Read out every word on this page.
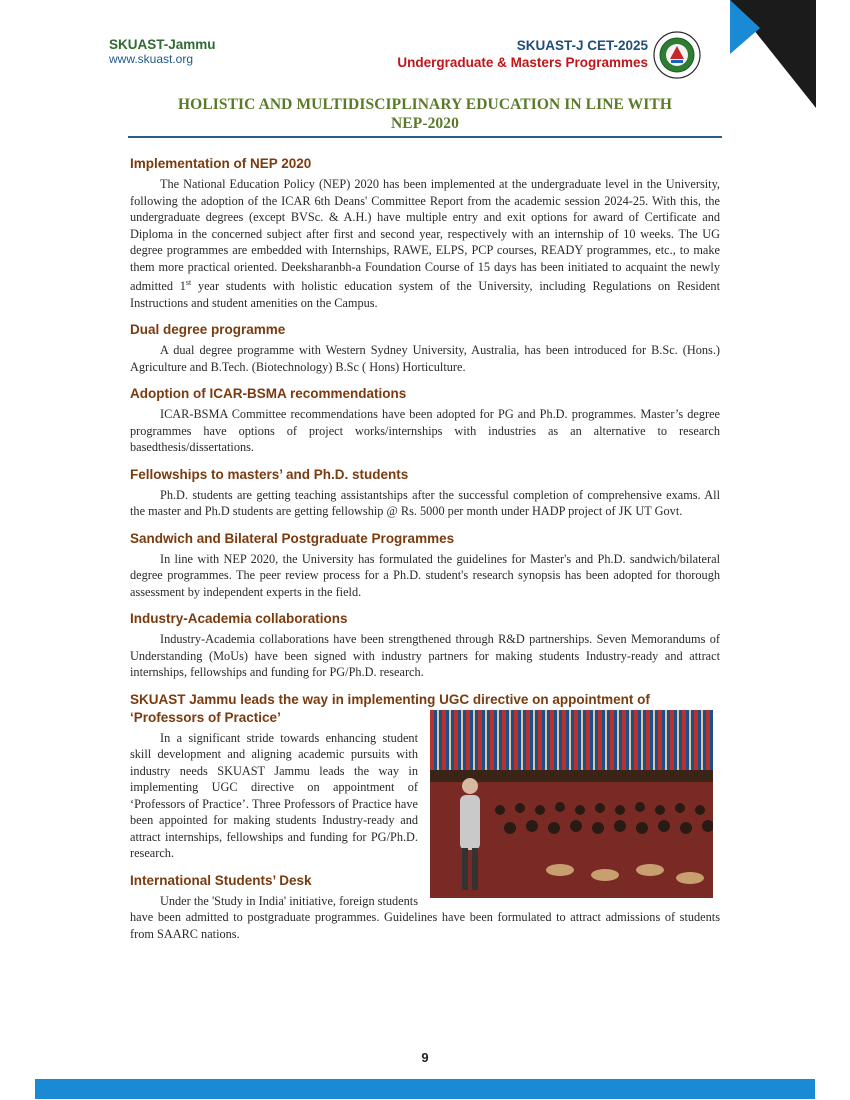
SKUAST-Jammu
www.skuast.org
SKUAST-J CET-2025
Undergraduate & Masters Programmes
HOLISTIC AND MULTIDISCIPLINARY EDUCATION IN LINE WITH
NEP-2020
Implementation of NEP 2020

The National Education Policy (NEP) 2020 has been implemented at the undergraduate level in the University, following the adoption of the ICAR 6th Deans' Committee Report from the academic session 2024-25. With this, the undergraduate degrees (except BVSc. & A.H.) have multiple entry and exit options for award of Certificate and Diploma in the concerned subject after first and second year, respectively with an internship of 10 weeks. The UG degree programmes are embedded with Internships, RAWE, ELPS, PCP courses, READY programmes, etc., to make them more practical oriented. Deeksharanbh-a Foundation Course of 15 days has been initiated to acquaint the newly admitted 1st year students with holistic education system of the University, including Regulations on Resident Instructions and student amenities on the Campus.

Dual degree programme

A dual degree programme with Western Sydney University, Australia, has been introduced for B.Sc. (Hons.) Agriculture and B.Tech. (Biotechnology) B.Sc ( Hons) Horticulture.

Adoption of ICAR-BSMA recommendations

ICAR-BSMA Committee recommendations have been adopted for PG and Ph.D. programmes. Master’s degree programmes have options of project works/internships with industries as an alternative to research basedthesis/dissertations.

Fellowships to masters’ and Ph.D. students

Ph.D. students are getting teaching assistantships after the successful completion of comprehensive exams. All the master and Ph.D students are getting fellowship @ Rs. 5000 per month under HADP project of JK UT Govt.

Sandwich and Bilateral Postgraduate Programmes

In line with NEP 2020, the University has formulated the guidelines for Master's and Ph.D. sandwich/bilateral degree programmes. The peer review process for a Ph.D. student's research synopsis has been adopted for thorough assessment by independent experts in the field.

Industry-Academia collaborations

Industry-Academia collaborations have been strengthened through R&D partnerships. Seven Memorandums of Understanding (MoUs) have been signed with industry partners for making students Industry-ready and attract internships, fellowships and funding for PG/Ph.D. research.

SKUAST Jammu leads the way in implementing UGC directive on appointment of
‘Professors of Practice’

In a significant stride towards enhancing student skill development and aligning academic pursuits with industry needs SKUAST Jammu leads the way in implementing UGC directive on appointment of ‘Professors of Practice’. Three Professors of Practice have been appointed for making students Industry-ready and attract internships, fellowships and funding for PG/Ph.D. research.

International Students’ Desk

Under the 'Study in India' initiative, foreign students have been admitted to postgraduate programmes. Guidelines have been formulated to attract admissions of students from SAARC nations.

9
